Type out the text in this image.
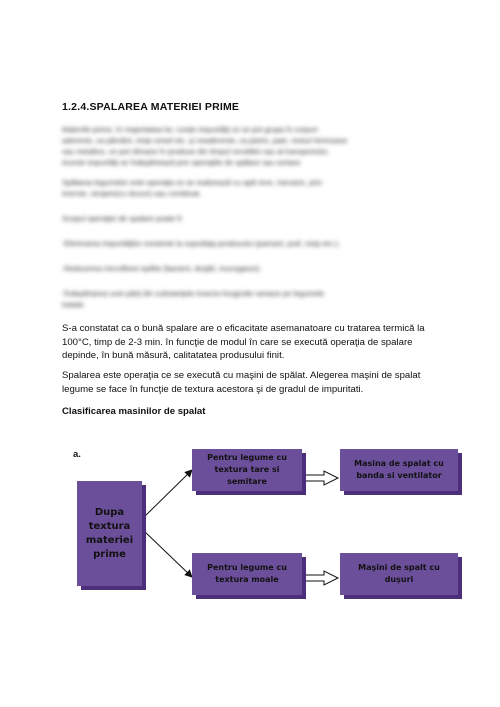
1.2.4.SPALAREA MATERIEI PRIME
Materiile prime, în majoritatea lor, conţin impurităţi ce se pot grupa în corpuri
aderente, ca pământ, nisip umed etc. şi neaderente, ca pietre, paie, resturi lemnoase
sau metalice, ce pot rămane în produse din timpul recoltării sau al transportului.
Aceste impurităţi se îndepărtează prin operaţiile de spălare sau sortare.
Spălarea legumelor este operaţia ce se realizează cu apă rece, mecanic, prin
imersie, stropire(cu dusuri) sau combinat.
Scopul operaţiei de spalare poate fi:
-Eliminarea impurităţilor existente la suprafaţa produsului (pamant, praf, nisip etc.);
-Reducerea microflorei epifite (bacterii, drojdii, mucegaiuri);
-Îndepărtarea unei părţi din substanţele insecto-fungicide ramase pe legumele
tratate.
S-a constatat ca o bună spalare are o eficacitate asemanatoare cu tratarea termică la 100°C, timp de 2-3 min. în funcţie de modul în care se execută operaţia de spalare depinde, în bună măsură, calitatatea produsului finit.
Spalarea este operaţia ce se execută cu maşini de spălat. Alegerea maşini de spalat legume se face în funcţie de textura acestora şi de gradul de impuritati.
Clasificarea masinilor de spalat
a.
Dupa textura materiei prime
Pentru legume cu textura tare si semitare
Masina de spalat cu banda si ventilator
Pentru legume cu textura moale
Maşini de spalt cu duşuri
